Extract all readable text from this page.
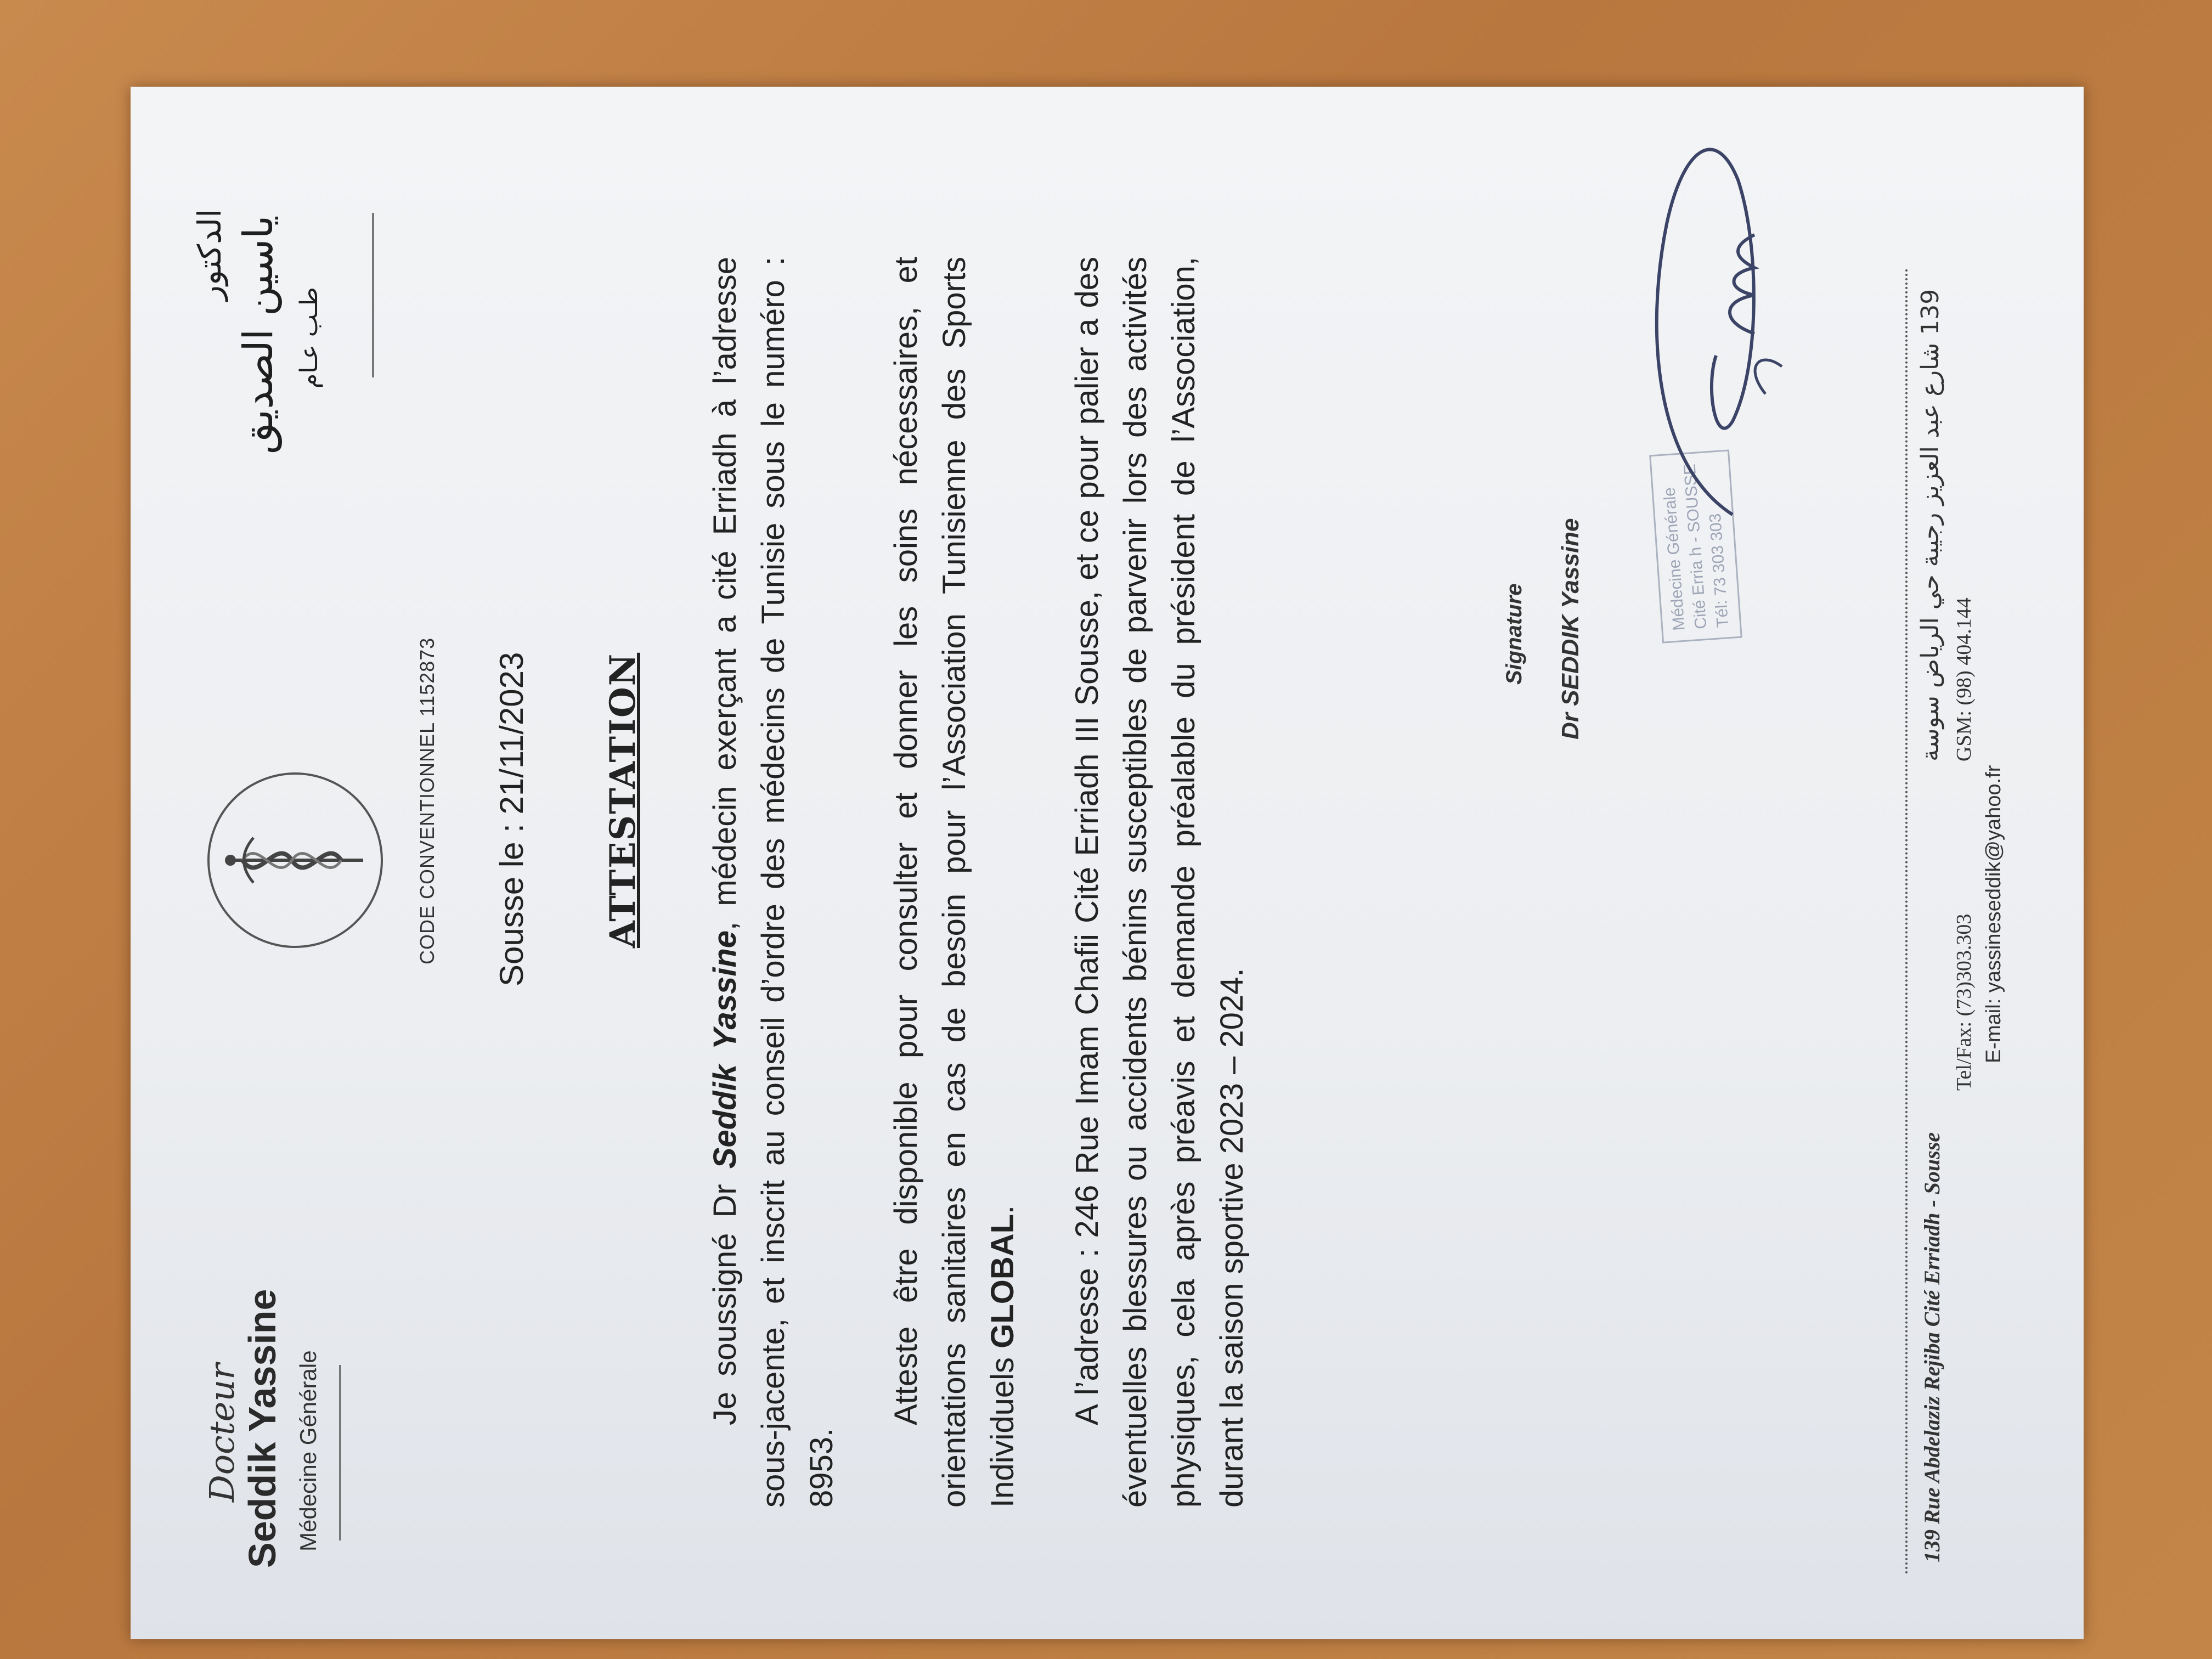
Docteur
Seddik Yassine Médecine Générale
الدكتور ياسين الصديق طـب عـام
CODE CONVENTIONNEL 1152873 Sousse le : 21/11/2023 ATTESTATION
Je soussigné Dr Seddik Yassine, médecin exerçant a cité Erriadh à l’adresse sous-jacente, et inscrit au conseil d’ordre des médecins de Tunisie sous le numéro : 8953.
Atteste être disponible pour consulter et donner les soins nécessaires, et orientations sanitaires en cas de besoin pour l’Association Tunisienne des Sports Individuels GLOBAL. A l’adresse : 246 Rue Imam Chafii Cité Erriadh III Sousse, et ce pour palier a des éventuelles blessures ou accidents bénins susceptibles de parvenir lors des activités physiques, cela après préavis et demande préalable du président de l’Association, durant la saison sportive 2023 – 2024.
Signature Dr SEDDIK Yassine	Médecine Générale
Cité Erria h - SOUSSE
Tél: 73 303 303
139 Rue Abdelaziz Rejiba Cité Erriadh - Sousse
139 شارع عبد العزيز رجيبة حي الرياض سوسة
Tel/Fax: (73)303.303
GSM: (98) 404.144
E-mail: yassineseddik@yahoo.fr
